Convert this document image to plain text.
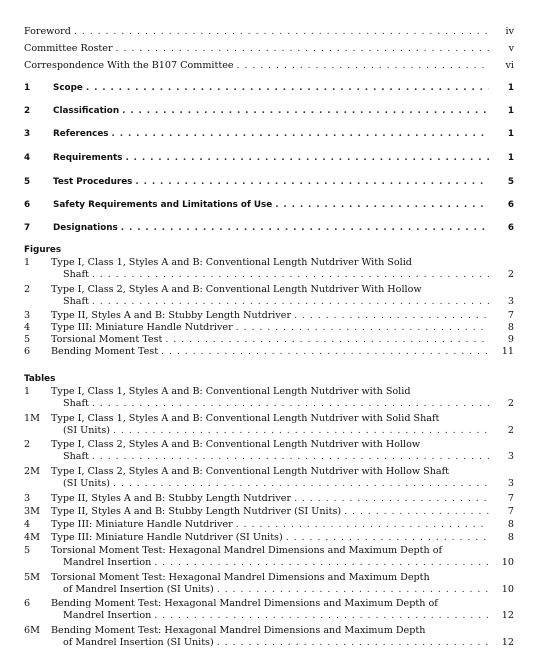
Foreword . . .	iv
Committee Roster . . .	v
Correspondence With the B107 Committee . . .	vi
1	Scope . . .	1
2	Classification . . .	1
3	References . . .	1
4	Requirements . . .	1
5	Test Procedures . . .	5
6	Safety Requirements and Limitations of Use . . .	6
7	Designations . . .	6
Figures
1 Type I, Class 1, Styles A and B: Conventional Length Nutdriver With Solid
Shaft . . .	2
2 Type I, Class 2, Styles A and B: Conventional Length Nutdriver With Hollow
Shaft . . .	3
3 Type II, Styles A and B: Stubby Length Nutdriver . . .	7
4 Type III: Miniature Handle Nutdriver . . .	8
5 Torsional Moment Test . . .	9
6 Bending Moment Test . . .	11
Tables
1 Type I, Class 1, Styles A and B: Conventional Length Nutdriver with Solid
Shaft . . .	2
1M Type I, Class 1, Styles A and B: Conventional Length Nutdriver with Solid Shaft
(SI Units) . . .	2
2 Type I, Class 2, Styles A and B: Conventional Length Nutdriver with Hollow
Shaft . . .	3
2M Type I, Class 2, Styles A and B: Conventional Length Nutdriver with Hollow Shaft
(SI Units) . . .	3
3 Type II, Styles A and B: Stubby Length Nutdriver . . .	7
3M Type II, Styles A and B: Stubby Length Nutdriver (SI Units) . . .	7
4 Type III: Miniature Handle Nutdriver . . .	8
4M Type III: Miniature Handle Nutdriver (SI Units) . . .	8
5 Torsional Moment Test: Hexagonal Mandrel Dimensions and Maximum Depth of
Mandrel Insertion . . .	10
5M Torsional Moment Test: Hexagonal Mandrel Dimensions and Maximum Depth
of Mandrel Insertion (SI Units) . . .	10
6 Bending Moment Test: Hexagonal Mandrel Dimensions and Maximum Depth of
Mandrel Insertion . . .	12
6M Bending Moment Test: Hexagonal Mandrel Dimensions and Maximum Depth
of Mandrel Insertion (SI Units) . . .	12
